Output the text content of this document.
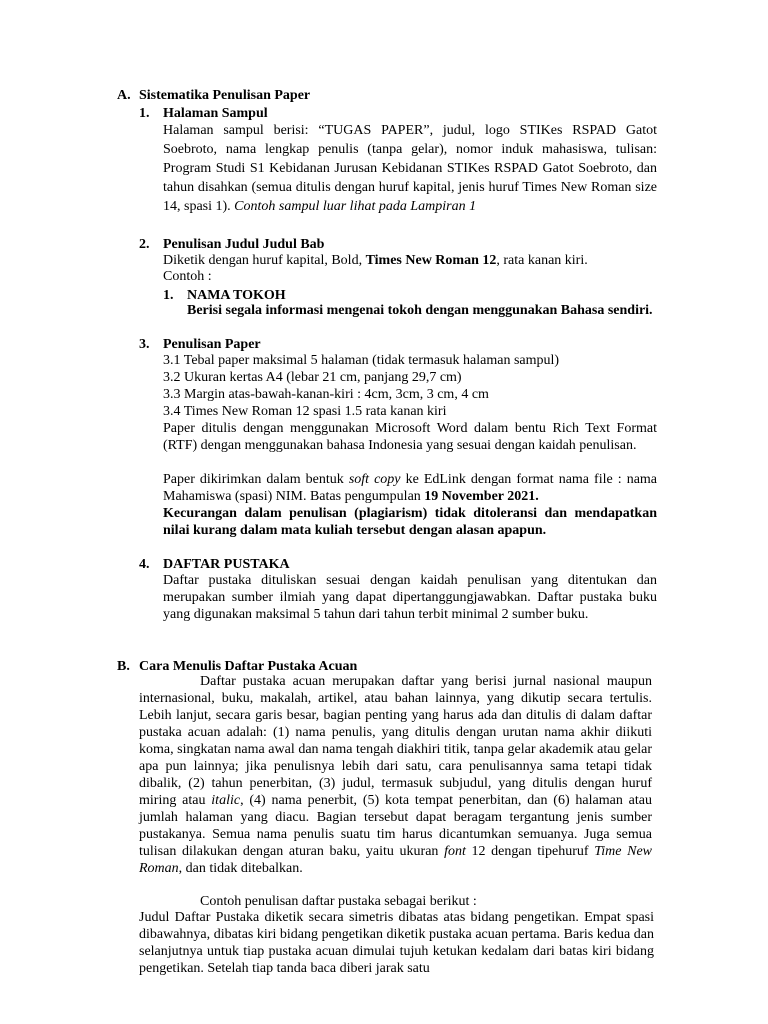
A. Sistematika Penulisan Paper
1. Halaman Sampul
Halaman sampul berisi: “TUGAS PAPER”, judul, logo STIKes RSPAD Gatot Soebroto, nama lengkap penulis (tanpa gelar), nomor induk mahasiswa, tulisan: Program Studi S1 Kebidanan Jurusan Kebidanan STIKes RSPAD Gatot Soebroto, dan tahun disahkan (semua ditulis dengan huruf kapital, jenis huruf Times New Roman size 14, spasi 1). Contoh sampul luar lihat pada Lampiran 1
2. Penulisan Judul Judul Bab
Diketik dengan huruf kapital, Bold, Times New Roman 12, rata kanan kiri.
Contoh :
1. NAMA TOKOH
Berisi segala informasi mengenai tokoh dengan menggunakan Bahasa sendiri.
3. Penulisan Paper
3.1 Tebal paper maksimal 5 halaman (tidak termasuk halaman sampul)
3.2 Ukuran kertas A4 (lebar 21 cm, panjang 29,7 cm)
3.3 Margin atas-bawah-kanan-kiri : 4cm, 3cm, 3 cm, 4 cm
3.4 Times New Roman 12 spasi 1.5 rata kanan kiri
Paper ditulis dengan menggunakan Microsoft Word dalam bentu Rich Text Format (RTF) dengan menggunakan bahasa Indonesia yang sesuai dengan kaidah penulisan.
Paper dikirimkan dalam bentuk soft copy ke EdLink dengan format nama file : nama Mahamiswa (spasi) NIM. Batas pengumpulan 19 November 2021.
Kecurangan dalam penulisan (plagiarism) tidak ditoleransi dan mendapatkan nilai kurang dalam mata kuliah tersebut dengan alasan apapun.
4. DAFTAR PUSTAKA
Daftar pustaka dituliskan sesuai dengan kaidah penulisan yang ditentukan dan merupakan sumber ilmiah yang dapat dipertanggungjawabkan. Daftar pustaka buku yang digunakan maksimal 5 tahun dari tahun terbit minimal 2 sumber buku.
B. Cara Menulis Daftar Pustaka Acuan
Daftar pustaka acuan merupakan daftar yang berisi jurnal nasional maupun internasional, buku, makalah, artikel, atau bahan lainnya, yang dikutip secara tertulis. Lebih lanjut, secara garis besar, bagian penting yang harus ada dan ditulis di dalam daftar pustaka acuan adalah: (1) nama penulis, yang ditulis dengan urutan nama akhir diikuti koma, singkatan nama awal dan nama tengah diakhiri titik, tanpa gelar akademik atau gelar apa pun lainnya; jika penulisnya lebih dari satu, cara penulisannya sama tetapi tidak dibalik, (2) tahun penerbitan, (3) judul, termasuk subjudul, yang ditulis dengan huruf miring atau italic, (4) nama penerbit, (5) kota tempat penerbitan, dan (6) halaman atau jumlah halaman yang diacu. Bagian tersebut dapat beragam tergantung jenis sumber pustakanya. Semua nama penulis suatu tim harus dicantumkan semuanya. Juga semua tulisan dilakukan dengan aturan baku, yaitu ukuran font 12 dengan tipehuruf Time New Roman, dan tidak ditebalkan.
Contoh penulisan daftar pustaka sebagai berikut :
Judul Daftar Pustaka diketik secara simetris dibatas atas bidang pengetikan. Empat spasi dibawahnya, dibatas kiri bidang pengetikan diketik pustaka acuan pertama. Baris kedua dan selanjutnya untuk tiap pustaka acuan dimulai tujuh ketukan kedalam dari batas kiri bidang pengetikan. Setelah tiap tanda baca diberi jarak satu
